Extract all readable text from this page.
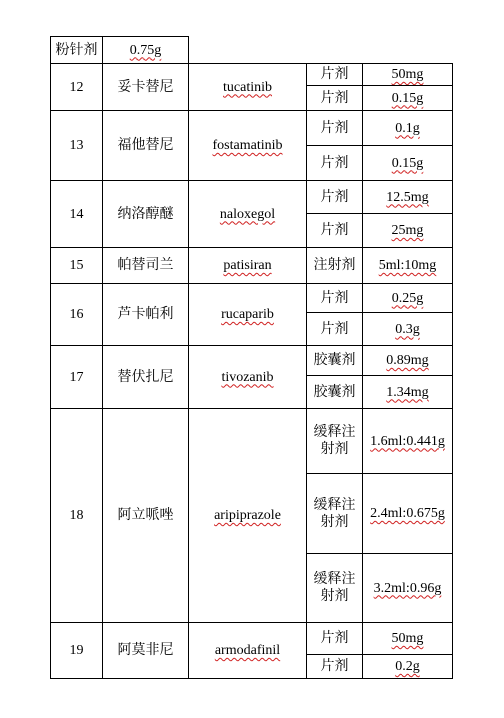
粉针剂 0.75g
12 妥卡替尼	tucatinib
片剂	50mg
片剂	0.15g
13 福他替尼	fostamatinib
片剂	0.1g
片剂	0.15g
14 纳洛醇醚	naloxegol
片剂	12.5mg
片剂	25mg
15 帕替司兰	patisiran	注射剂 5ml:10mg
16 芦卡帕利	rucaparib
片剂	0.25g
片剂	0.3g
17 替伏扎尼	tivozanib
胶囊剂 0.89mg
胶囊剂 1.34mg
18 阿立哌唑	aripiprazole
缓释注射剂	1.6ml:0.441g
缓释注射剂	2.4ml:0.675g
缓释注射剂	3.2ml:0.96g
19 阿莫非尼	armodafinil
片剂	50mg
片剂	0.2g
